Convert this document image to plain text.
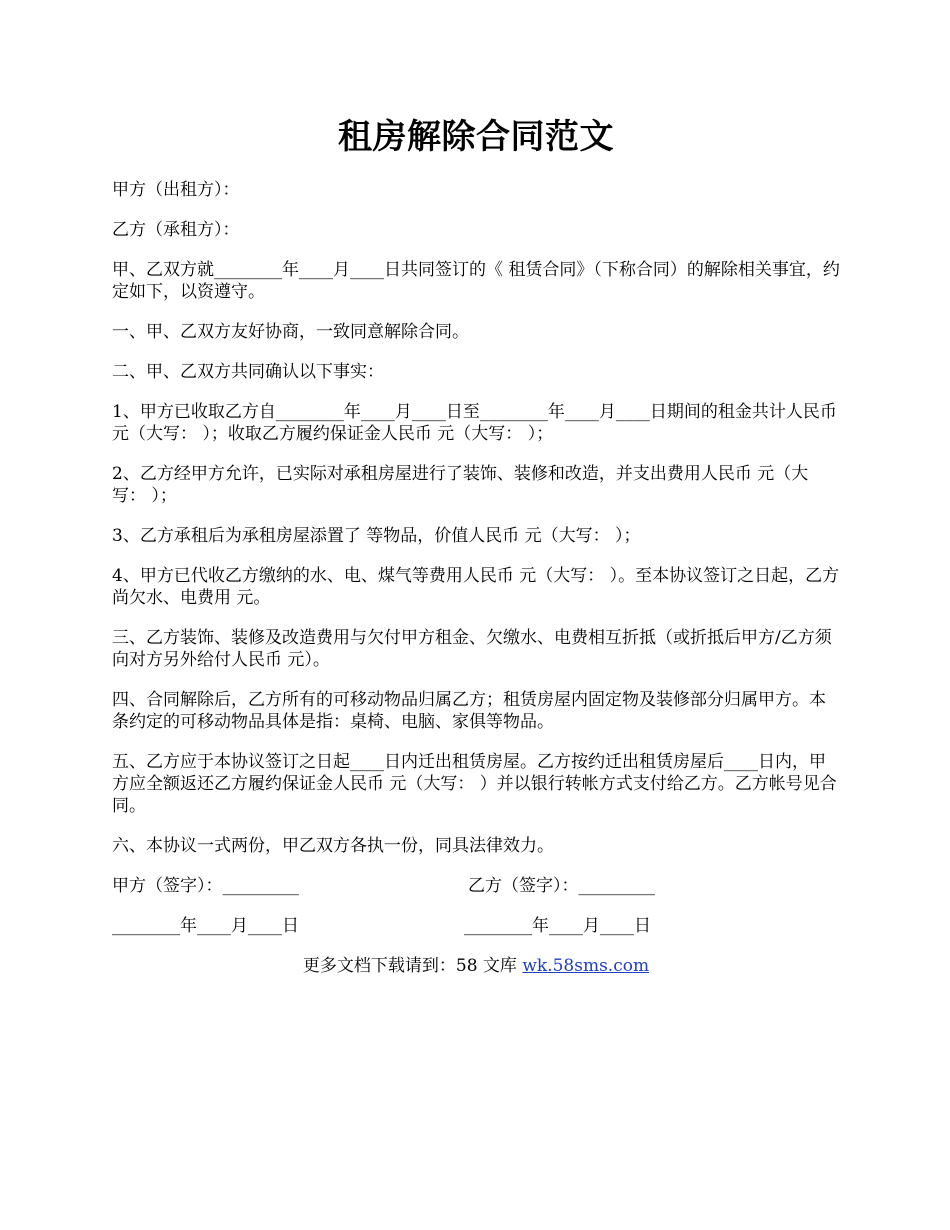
租房解除合同范文

甲方（出租方）：

乙方（承租方）：

甲、乙双方就________年____月____日共同签订的《 租赁合同》（下称合同）的解除相关事宜，约定如下，以资遵守。

一、甲、乙双方友好协商，一致同意解除合同。

二、甲、乙双方共同确认以下事实：

1、甲方已收取乙方自________年____月____日至________年____月____日期间的租金共计人民币 元（大写： ）；收取乙方履约保证金人民币 元（大写： ）；

2、乙方经甲方允许，已实际对承租房屋进行了装饰、装修和改造，并支出费用人民币 元（大写： ）；

3、乙方承租后为承租房屋添置了 等物品，价值人民币 元（大写： ）；

4、甲方已代收乙方缴纳的水、电、煤气等费用人民币 元（大写： ）。至本协议签订之日起，乙方尚欠水、电费用 元。

三、乙方装饰、装修及改造费用与欠付甲方租金、欠缴水、电费相互折抵（或折抵后甲方/乙方须向对方另外给付人民币 元）。

四、合同解除后，乙方所有的可移动物品归属乙方；租赁房屋内固定物及装修部分归属甲方。本条约定的可移动物品具体是指：桌椅、电脑、家俱等物品。

五、乙方应于本协议签订之日起____日内迁出租赁房屋。乙方按约迁出租赁房屋后____日内，甲方应全额返还乙方履约保证金人民币 元（大写： ）并以银行转帐方式支付给乙方。乙方帐号见合同。

六、本协议一式两份，甲乙双方各执一份，同具法律效力。

甲方（签字）：_________	乙方（签字）：_________
________年____月____日	________年____月____日
更多文档下载请到：58 文库 wk.58sms.com
